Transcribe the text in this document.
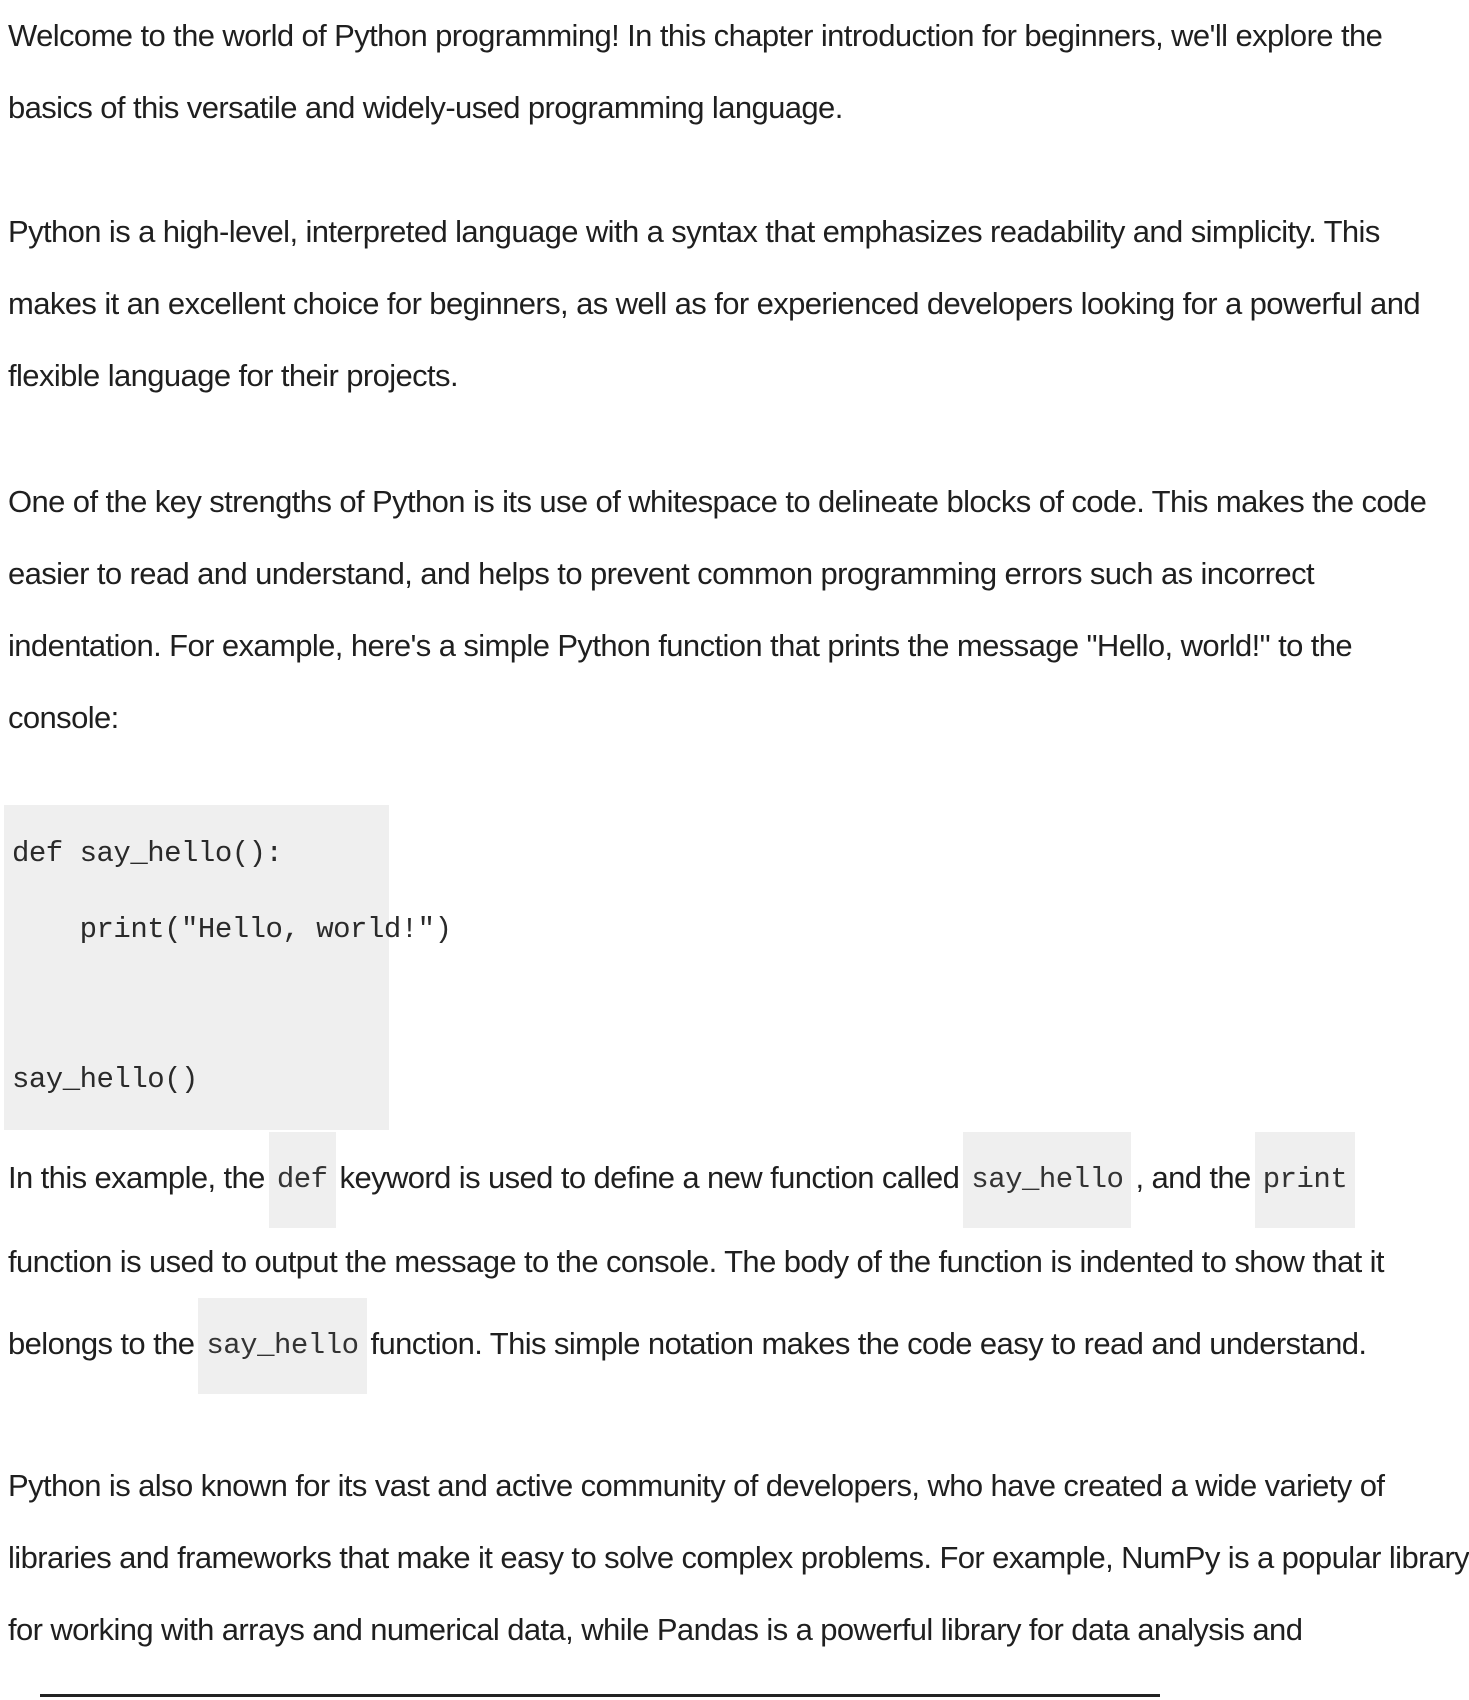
Welcome to the world of Python programming! In this chapter introduction for beginners, we'll explore the
basics of this versatile and widely-used programming language.

Python is a high-level, interpreted language with a syntax that emphasizes readability and simplicity. This
makes it an excellent choice for beginners, as well as for experienced developers looking for a powerful and
flexible language for their projects.

One of the key strengths of Python is its use of whitespace to delineate blocks of code. This makes the code
easier to read and understand, and helps to prevent common programming errors such as incorrect
indentation. For example, here's a simple Python function that prints the message "Hello, world!" to the
console:

def say_hello():
print("Hello, world!")
say_hello()

In this example, the def keyword is used to define a new function called say_hello , and the print
function is used to output the message to the console. The body of the function is indented to show that it
belongs to the say_hello function. This simple notation makes the code easy to read and understand.

Python is also known for its vast and active community of developers, who have created a wide variety of
libraries and frameworks that make it easy to solve complex problems. For example, NumPy is a popular library
for working with arrays and numerical data, while Pandas is a powerful library for data analysis and
